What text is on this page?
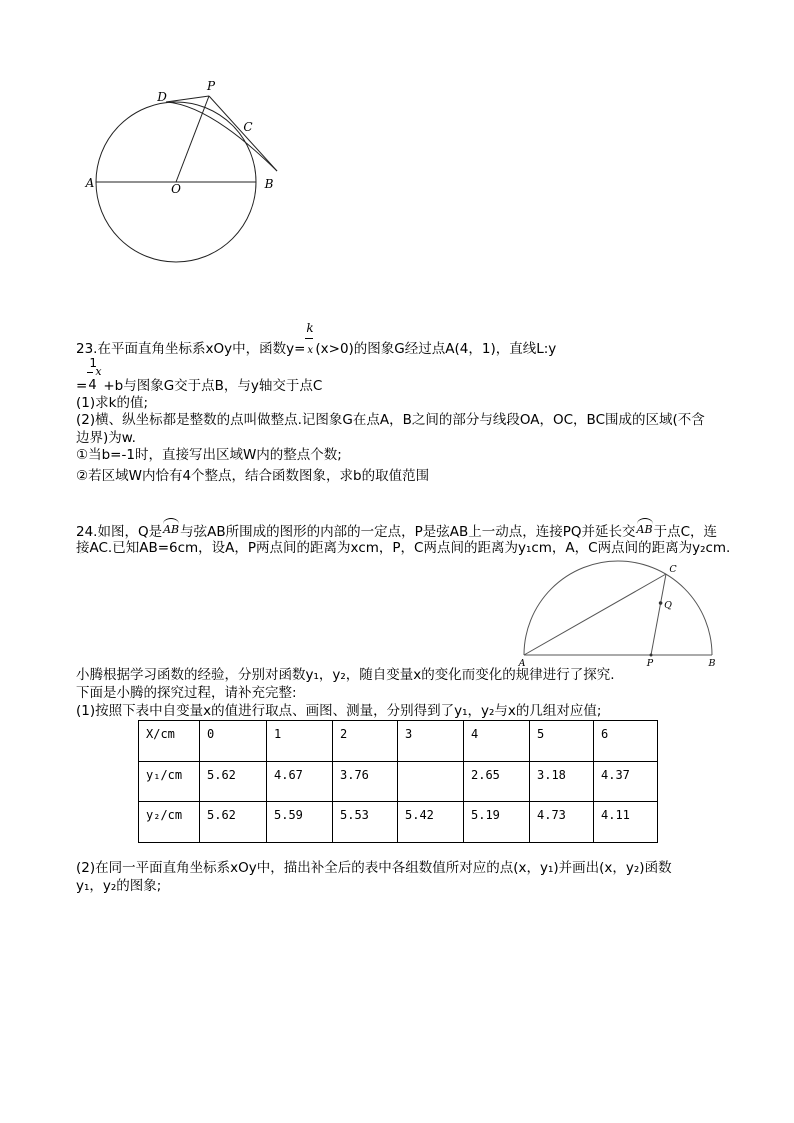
P
D
C
A	O	B
23.在平面直角坐标系xOy中，函数$y= \frac{k}{x} (x>0)$的图象G经过点A(4，1)，直线L:y
=
1
x
4 +b与图象G交于点B，与y轴交于点C
(1)求k的值;
(2)横、纵坐标都是整数的点叫做整点.记图象G在点A，B之间的部分与线段OA，OC，BC围成的区域(不含
边界)为w.
①当b=-1时，直接写出区域W内的整点个数;
②若区域W内恰有4个整点，结合函数图象，求b的取值范围
24.如图，Q是AB与弦AB所围成的图形的内部的一定点，P是弦AB上一动点，连接PQ并延长交AB于点C，连
接AC.已知AB=6cm，设A，P两点间的距离为xcm，P，C两点间的距离为y₁cm，A，C两点间的距离为y₂cm.
C
Q
A	P	B
小腾根据学习函数的经验，分别对函数y₁，y₂，随自变量x的变化而变化的规律进行了探究.
下面是小腾的探究过程，请补充完整:
(1)按照下表中自变量x的值进行取点、画图、测量，分别得到了y₁，y₂与x的几组对应值;
X/cm	0	1	2	3	4	5	6
y₁/cm	5.62	4.67	3.76		2.65	3.18	4.37
y₂/cm	5.62	5.59	5.53	5.42	5.19	4.73	4.11
(2)在同一平面直角坐标系xOy中，描出补全后的表中各组数值所对应的点(x，y₁)并画出(x，y₂)函数
y₁，y₂的图象;
